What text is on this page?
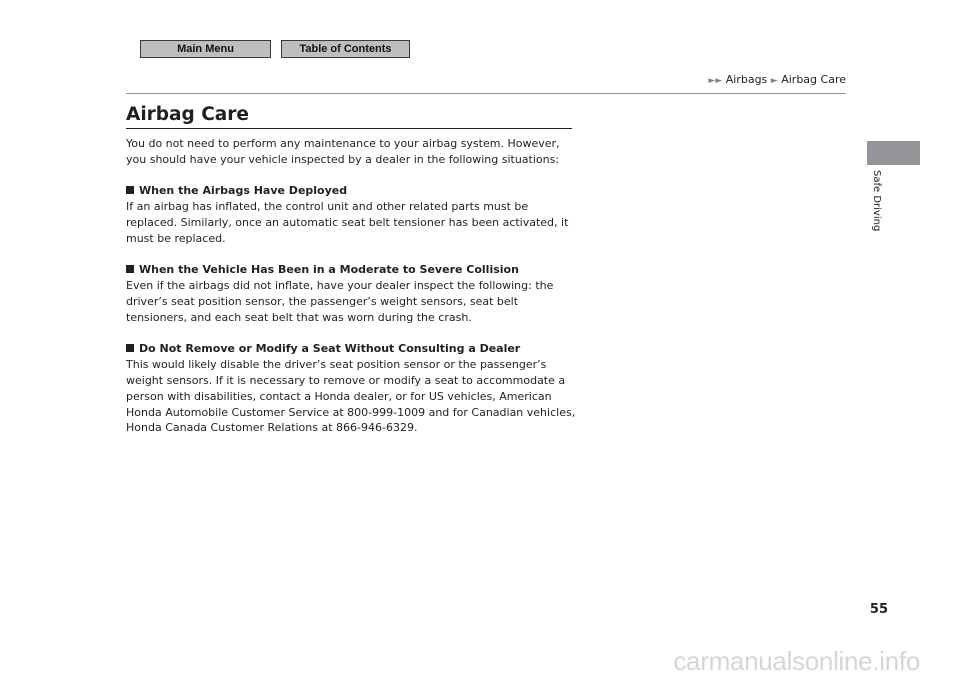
Main Menu	Table of Contents
►► Airbags ► Airbag Care
Airbag Care

You do not need to perform any maintenance to your airbag system. However, you should have your vehicle inspected by a dealer in the following situations:

When the Airbags Have Deployed

If an airbag has inflated, the control unit and other related parts must be replaced. Similarly, once an automatic seat belt tensioner has been activated, it must be replaced.

When the Vehicle Has Been in a Moderate to Severe Collision

Even if the airbags did not inflate, have your dealer inspect the following: the driver’s seat position sensor, the passenger’s weight sensors, seat belt tensioners, and each seat belt that was worn during the crash.

Do Not Remove or Modify a Seat Without Consulting a Dealer

This would likely disable the driver’s seat position sensor or the passenger’s weight sensors. If it is necessary to remove or modify a seat to accommodate a person with disabilities, contact a Honda dealer, or for US vehicles, American Honda Automobile Customer Service at 800-999-1009 and for Canadian vehicles, Honda Canada Customer Relations at 866-946-6329.

Safe Driving
55
carmanualsonline.info
